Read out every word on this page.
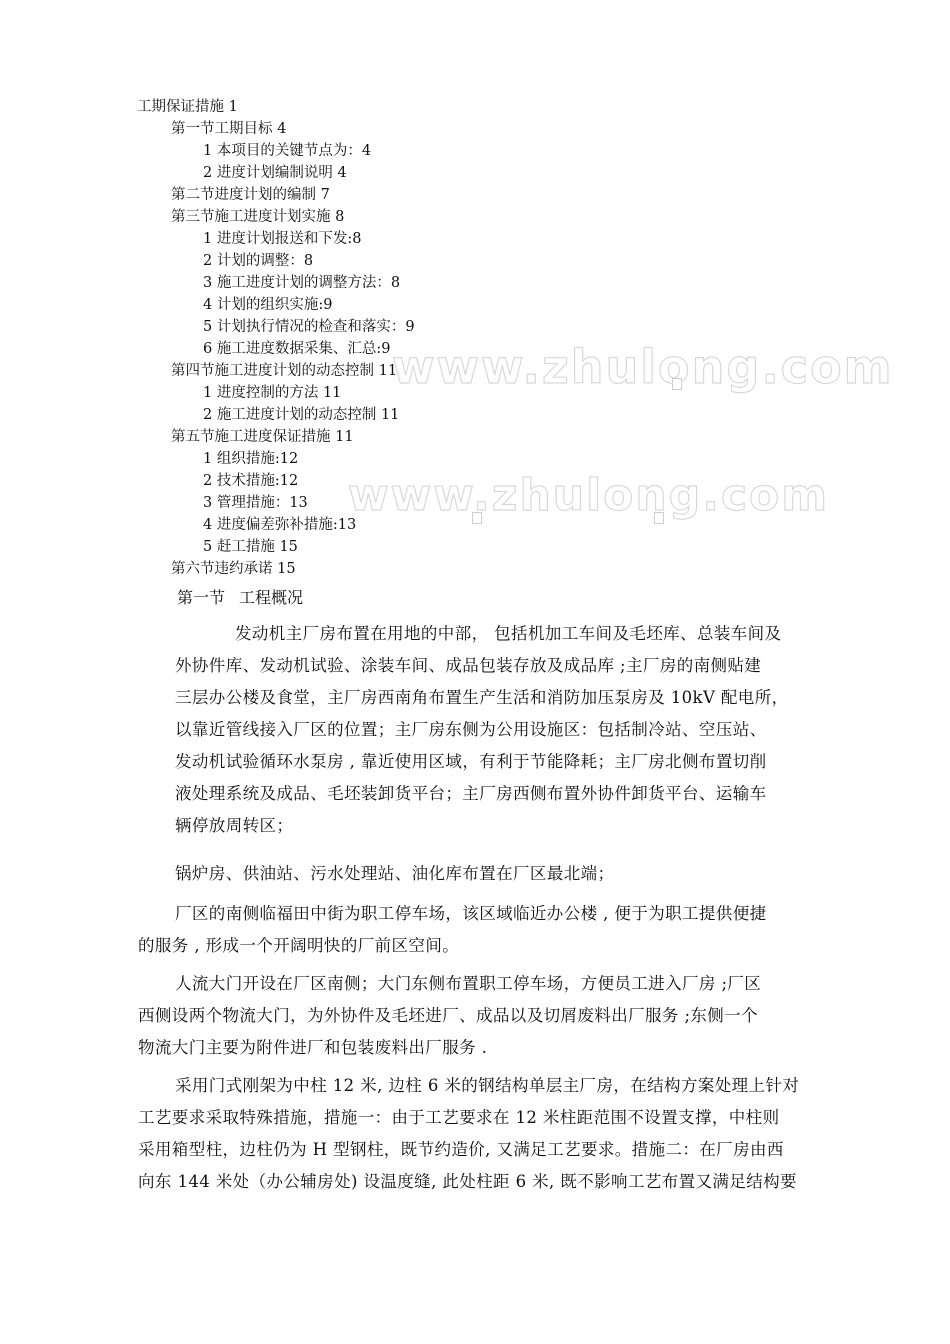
www.zhulong.com
www.zhulong.com
工期保证措施 1
第一节工期目标 4
1 本项目的关键节点为：4
2 进度计划编制说明 4
第二节进度计划的编制 7
第三节施工进度计划实施 8
1 进度计划报送和下发:8
2 计划的调整：8
3 施工进度计划的调整方法：8
4 计划的组织实施:9
5 计划执行情况的检查和落实：9
6 施工进度数据采集、汇总:9
第四节施工进度计划的动态控制 11
1 进度控制的方法 11
2 施工进度计划的动态控制 11
第五节施工进度保证措施 11
1 组织措施:12
2 技术措施:12
3 管理措施：13
4 进度偏差弥补措施:13
5 赶工措施 15
第六节违约承诺 15
第一节 工程概况
发动机主厂房布置在用地的中部， 包括机加工车间及毛坯库、总装车间及
外协件库、发动机试验、涂装车间、成品包装存放及成品库 ;主厂房的南侧贴建
三层办公楼及食堂，主厂房西南角布置生产生活和消防加压泵房及 10kV 配电所，
以靠近管线接入厂区的位置；主厂房东侧为公用设施区：包括制冷站、空压站、
发动机试验循环水泵房 , 靠近使用区域，有利于节能降耗；主厂房北侧布置切削
液处理系统及成品、毛坯装卸货平台；主厂房西侧布置外协件卸货平台、运输车
辆停放周转区；
锅炉房、供油站、污水处理站、油化库布置在厂区最北端；
厂区的南侧临福田中街为职工停车场，该区域临近办公楼 , 便于为职工提供便捷
的服务 , 形成一个开阔明快的厂前区空间。
人流大门开设在厂区南侧；大门东侧布置职工停车场，方便员工进入厂房 ;厂区
西侧设两个物流大门，为外协件及毛坯进厂、成品以及切屑废料出厂服务 ;东侧一个
物流大门主要为附件进厂和包装废料出厂服务 .
采用门式刚架为中柱 12 米, 边柱 6 米的钢结构单层主厂房，在结构方案处理上针对
工艺要求采取特殊措施，措施一：由于工艺要求在 12 米柱距范围不设置支撑，中柱则
采用箱型柱，边柱仍为 H 型钢柱，既节约造价, 又满足工艺要求。措施二：在厂房由西
向东 144 米处（办公辅房处) 设温度缝, 此处柱距 6 米, 既不影响工艺布置又满足结构要
